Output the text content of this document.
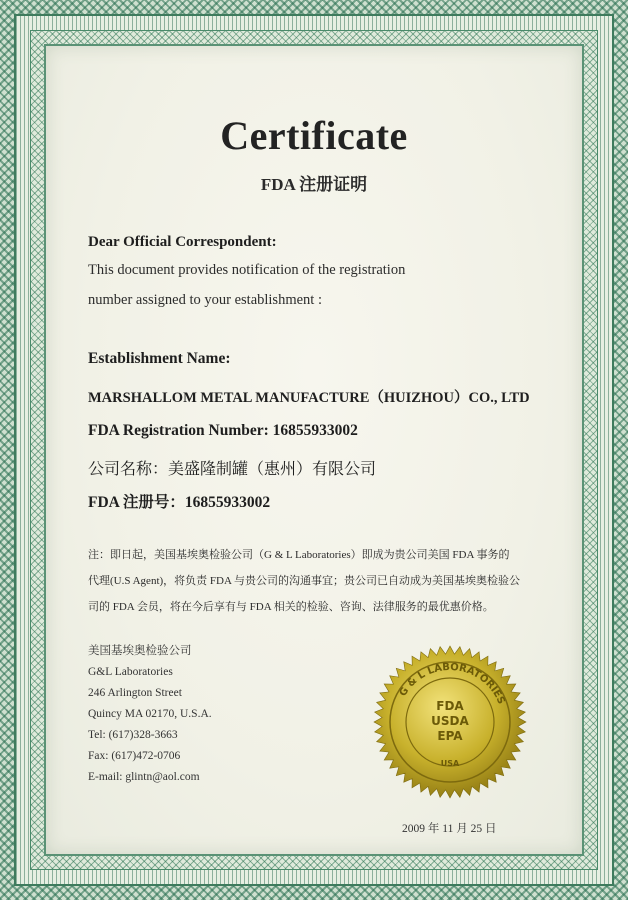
Certificate
FDA 注册证明
Dear Official Correspondent:
This document provides notification of the registration
number assigned to your establishment :
Establishment Name:
MARSHALLOM METAL MANUFACTURE（HUIZHOU）CO., LTD
FDA Registration Number: 16855933002
公司名称：美盛隆制罐（惠州）有限公司
FDA 注册号：16855933002
注：即日起，美国基埃奥检验公司（G & L Laboratories）即成为贵公司美国 FDA 事务的
代理(U.S Agent)，将负责 FDA 与贵公司的沟通事宜；贵公司已自动成为美国基埃奥检验公
司的 FDA 会员，将在今后享有与 FDA 相关的检验、咨询、法律服务的最优惠价格。
美国基埃奥检验公司
G&L Laboratories
246 Arlington Street
Quincy MA 02170, U.S.A.
Tel: (617)328-3663
Fax: (617)472-0706
E-mail: glintn@aol.com
G & L LABORATORIES
FDA
USDA
EPA
USA
2009 年 11 月 25 日
